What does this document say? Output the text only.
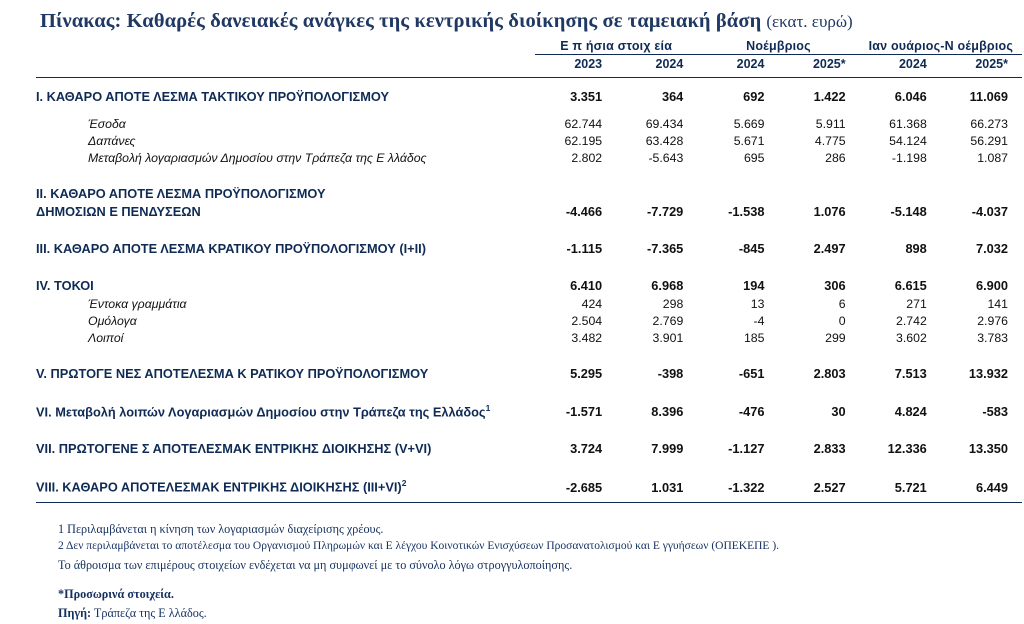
Πίνακας: Καθαρές δανειακές ανάγκες της κεντρικής διοίκησης σε ταμειακή βάση (εκατ. ευρώ)
	Ε π ήσια στοιχ εία		Νοέμβριος		Ιαν ουάριος-Ν οέμβριος	
	2023	2024	2024	2025*	2024	2025*

Ι. ΚΑΘΑΡΟ ΑΠΟΤΕ ΛΕΣΜΑ ΤΑΚΤΙΚΟΥ ΠΡΟΫΠΟΛΟΓΙΣΜΟΥ	3.351	364	692	1.422	6.046	11.069

Έσοδα	62.744	69.434	5.669	5.911	61.368	66.273
Δαπάνες	62.195	63.428	5.671	4.775	54.124	56.291
Μεταβολή λογαριασμών Δημοσίου στην Τράπεζα της Ε λλάδος	2.802	-5.643	695	286	-1.198	1.087

ΙΙ. ΚΑΘΑΡΟ ΑΠΟΤΕ ΛΕΣΜΑ ΠΡΟΫΠΟΛΟΓΙΣΜΟΥ						
ΔΗΜΟΣΙΩΝ Ε ΠΕΝΔΥΣΕΩΝ	-4.466	-7.729	-1.538	1.076	-5.148	-4.037

ΙΙΙ. ΚΑΘΑΡΟ ΑΠΟΤΕ ΛΕΣΜΑ ΚΡΑΤΙΚΟΥ ΠΡΟΫΠΟΛΟΓΙΣΜΟΥ (Ι+ΙΙ)	-1.115	-7.365	-845	2.497	898	7.032

ΙV. ΤΟΚΟΙ	6.410	6.968	194	306	6.615	6.900
Έντοκα γραμμάτια	424	298	13	6	271	141
Ομόλογα	2.504	2.769	-4	0	2.742	2.976
Λοιποί	3.482	3.901	185	299	3.602	3.783

V. ΠΡΩΤΟΓΕ ΝΕΣ ΑΠΟΤΕΛΕΣΜΑ Κ ΡΑΤΙΚΟΥ ΠΡΟΫΠΟΛΟΓΙΣΜΟΥ	5.295	-398	-651	2.803	7.513	13.932

VI. Μεταβολή λοιπών Λογαριασμών Δημοσίου στην Τράπεζα της Ελλάδος$^1$	-1.571	8.396	-476	30	4.824	-583

VII. ΠΡΩΤΟΓΕΝΕ Σ ΑΠΟΤΕΛΕΣΜΑΚ ΕΝΤΡΙΚΗΣ ΔΙΟΙΚΗΣΗΣ (V+VI)	3.724	7.999	-1.127	2.833	12.336	13.350

VIII. ΚΑΘΑΡΟ ΑΠΟΤΕΛΕΣΜΑΚ ΕΝΤΡΙΚΗΣ ΔΙΟΙΚΗΣΗΣ $(III+VI)^2$	-2.685	1.031	-1.322	2.527	5.721	6.449

1 Περιλαμβάνεται η κίνηση των λογαριασμών διαχείρισης χρέους.
2 Δεν περιλαμβάνεται το αποτέλεσμα του Οργανισμού Πληρωμών και Ε λέγχου Κοινοτικών Ενισχύσεων Προσανατολισμού και Ε γγυήσεων (ΟΠΕΚΕΠΕ ).
Το άθροισμα των επιμέρους στοιχείων ενδέχεται να μη συμφωνεί με το σύνολο λόγω στρογγυλοποίησης.
*Προσωρινά στοιχεία.
Πηγή: Τράπεζα της Ε λλάδος.
